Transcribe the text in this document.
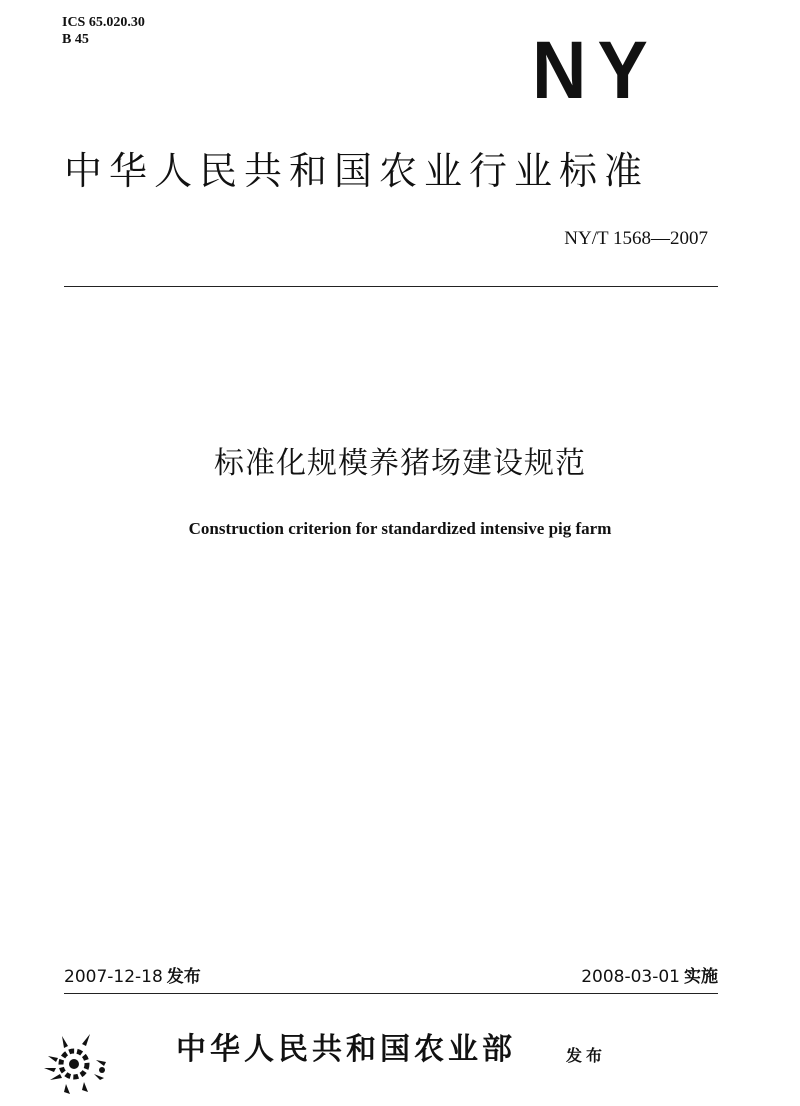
ICS 65.020.30
B 45	NY
中华人民共和国农业行业标准
NY/T 1568—2007
标准化规模养猪场建设规范
Construction criterion for standardized intensive pig farm
2007-12-18 发布	2008-03-01 实施
中华人民共和国农业部	发布
